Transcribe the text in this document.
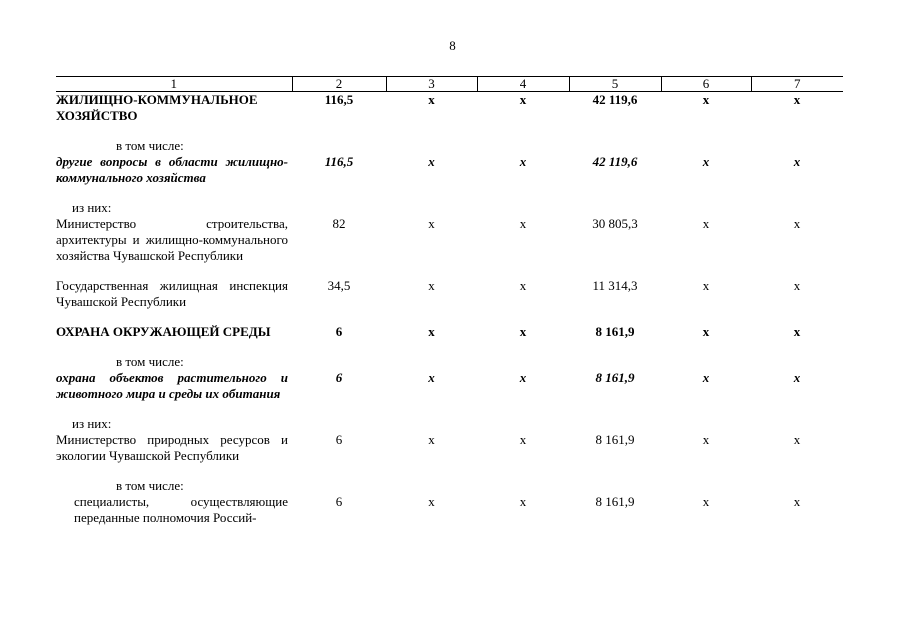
8
1	2	3	4	5	6	7
ЖИЛИЩНО-КОММУНАЛЬНОЕ ХОЗЯЙСТВО	116,5	х	х	42 119,6	х	х

в том числе:						
другие вопросы в области жилищно-коммунального хозяйства	116,5	х	х	42 119,6	х	х

из них:						
Министерство строительства, архитектуры и жилищно-коммунального хозяйства Чувашской Республики	82	х	х	30 805,3	х	х

Государственная жилищная инспекция Чувашской Республики	34,5	х	х	11 314,3	х	х

ОХРАНА ОКРУЖАЮЩЕЙ СРЕДЫ	6	х	х	8 161,9	х	х

в том числе:						
охрана объектов растительного и животного мира и среды их обитания	6	х	х	8 161,9	х	х

из них:						
Министерство природных ресурсов и экологии Чувашской Республики	6	х	х	8 161,9	х	х

в том числе:						
специалисты, осуществляющие переданные полномочия Россий-	6	х	х	8 161,9	х	х
